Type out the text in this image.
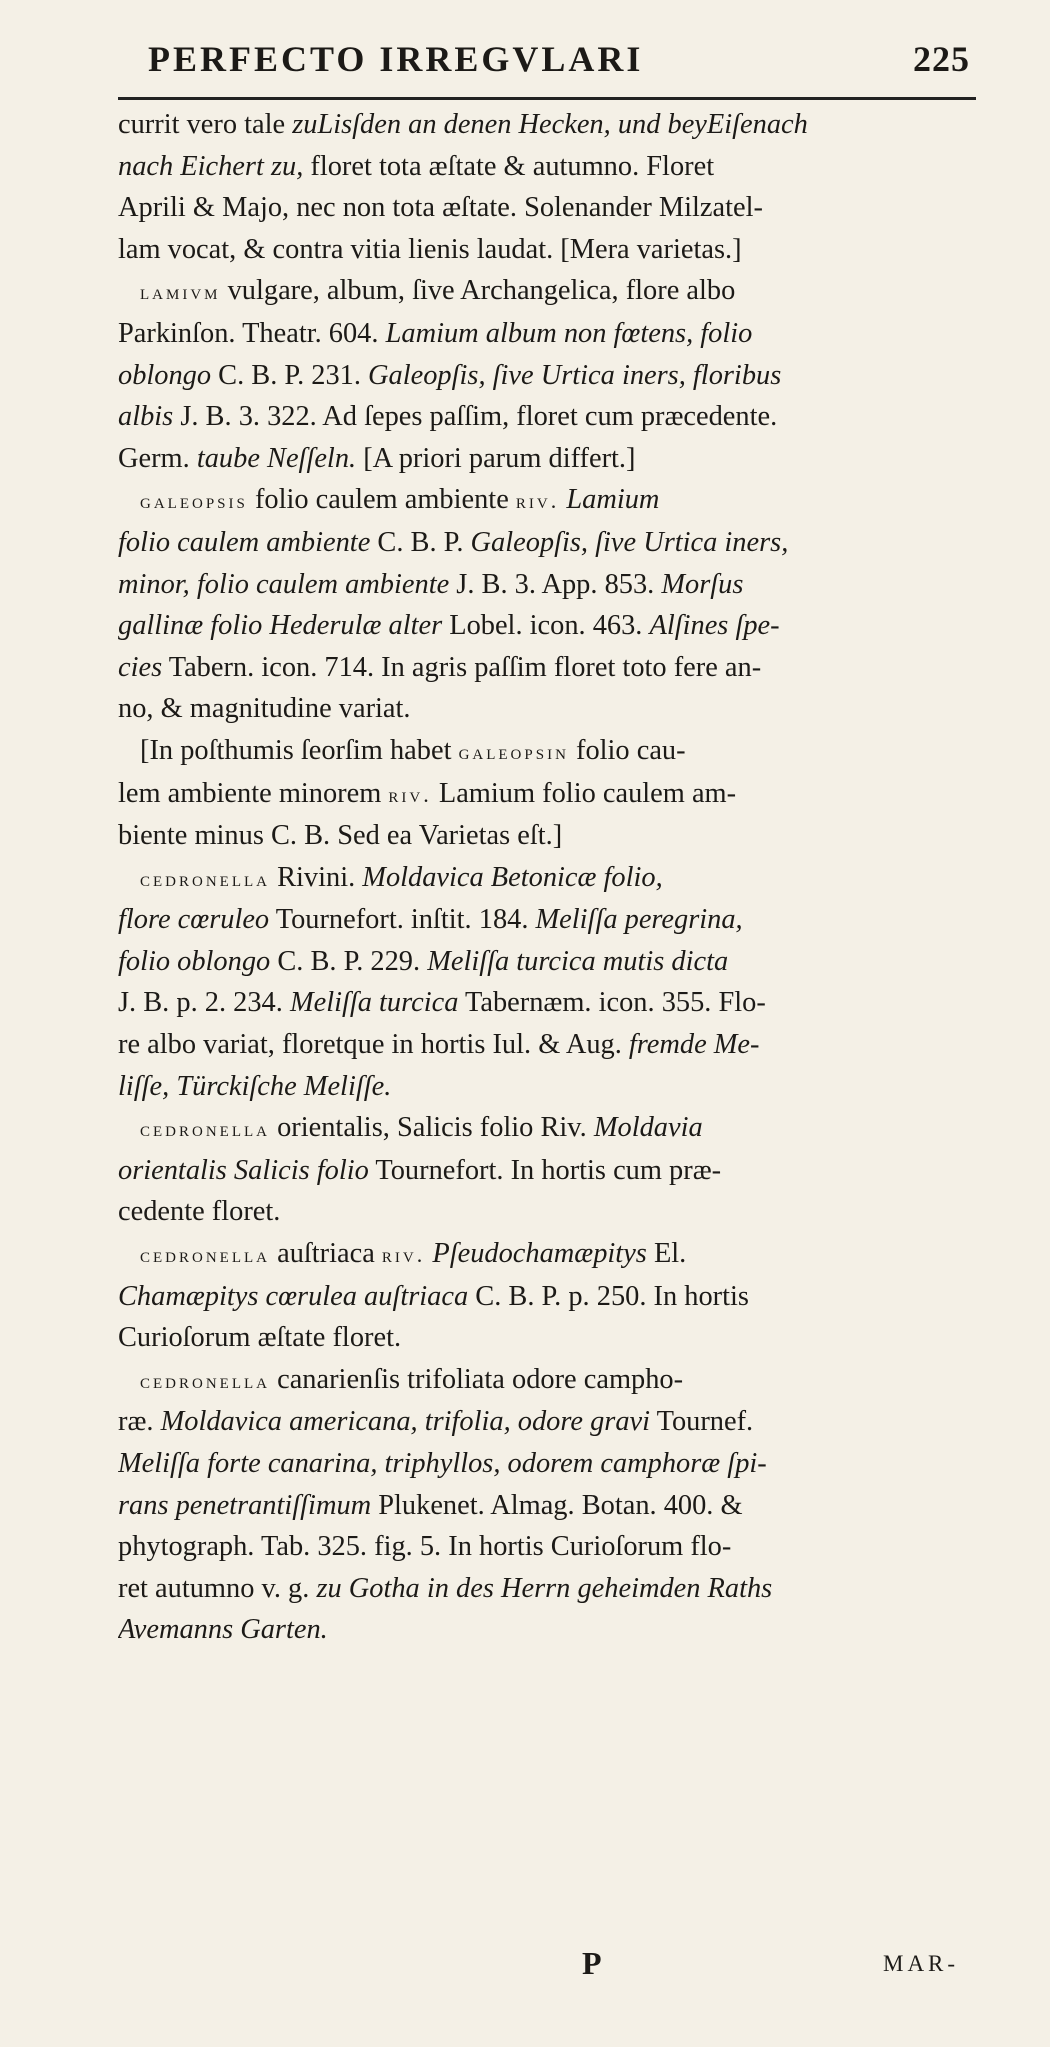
PERFECTO IRREGVLARI	225
currit vero tale zuLisſden an denen Hecken, und beyEiſenach
nach Eichert zu, floret tota æſtate & autumno. Floret
Aprili & Majo, nec non tota æſtate. Solenander Milzatel-
lam vocat, & contra vitia lienis laudat. [Mera varietas.]
lamivm vulgare, album, ſive Archangelica, flore albo
Parkinſon. Theatr. 604. Lamium album non fœtens, folio
oblongo C. B. P. 231. Galeopſis, ſive Urtica iners, floribus
albis J. B. 3. 322. Ad ſepes paſſim, floret cum præcedente.
Germ. taube Neſſeln. [A priori parum differt.]
galeopsis folio caulem ambiente riv. Lamium
folio caulem ambiente C. B. P. Galeopſis, ſive Urtica iners,
minor, folio caulem ambiente J. B. 3. App. 853. Morſus
gallinæ folio Hederulæ alter Lobel. icon. 463. Alſines ſpe-
cies Tabern. icon. 714. In agris paſſim floret toto fere an-
no, & magnitudine variat.
[In poſthumis ſeorſim habet galeopsin folio cau-
lem ambiente minorem riv. Lamium folio caulem am-
biente minus C. B. Sed ea Varietas eſt.]
cedronella Rivini. Moldavica Betonicæ folio,
flore cœruleo Tournefort. inſtit. 184. Meliſſa peregrina,
folio oblongo C. B. P. 229. Meliſſa turcica mutis dicta
J. B. p. 2. 234. Meliſſa turcica Tabernæm. icon. 355. Flo-
re albo variat, floretque in hortis Iul. & Aug. fremde Me-
liſſe, Türckiſche Meliſſe.
cedronella orientalis, Salicis folio Riv. Moldavia
orientalis Salicis folio Tournefort. In hortis cum præ-
cedente floret.
cedronella auſtriaca riv. Pſeudochamæpitys El.
Chamæpitys cœrulea auſtriaca C. B. P. p. 250. In hortis
Curioſorum æſtate floret.
cedronella canarienſis trifoliata odore campho-
ræ. Moldavica americana, trifolia, odore gravi Tournef.
Meliſſa forte canarina, triphyllos, odorem camphoræ ſpi-
rans penetrantiſſimum Plukenet. Almag. Botan. 400. &
phytograph. Tab. 325. fig. 5. In hortis Curioſorum flo-
ret autumno v. g. zu Gotha in des Herrn geheimden Raths
Avemanns Garten.
P	MAR-
